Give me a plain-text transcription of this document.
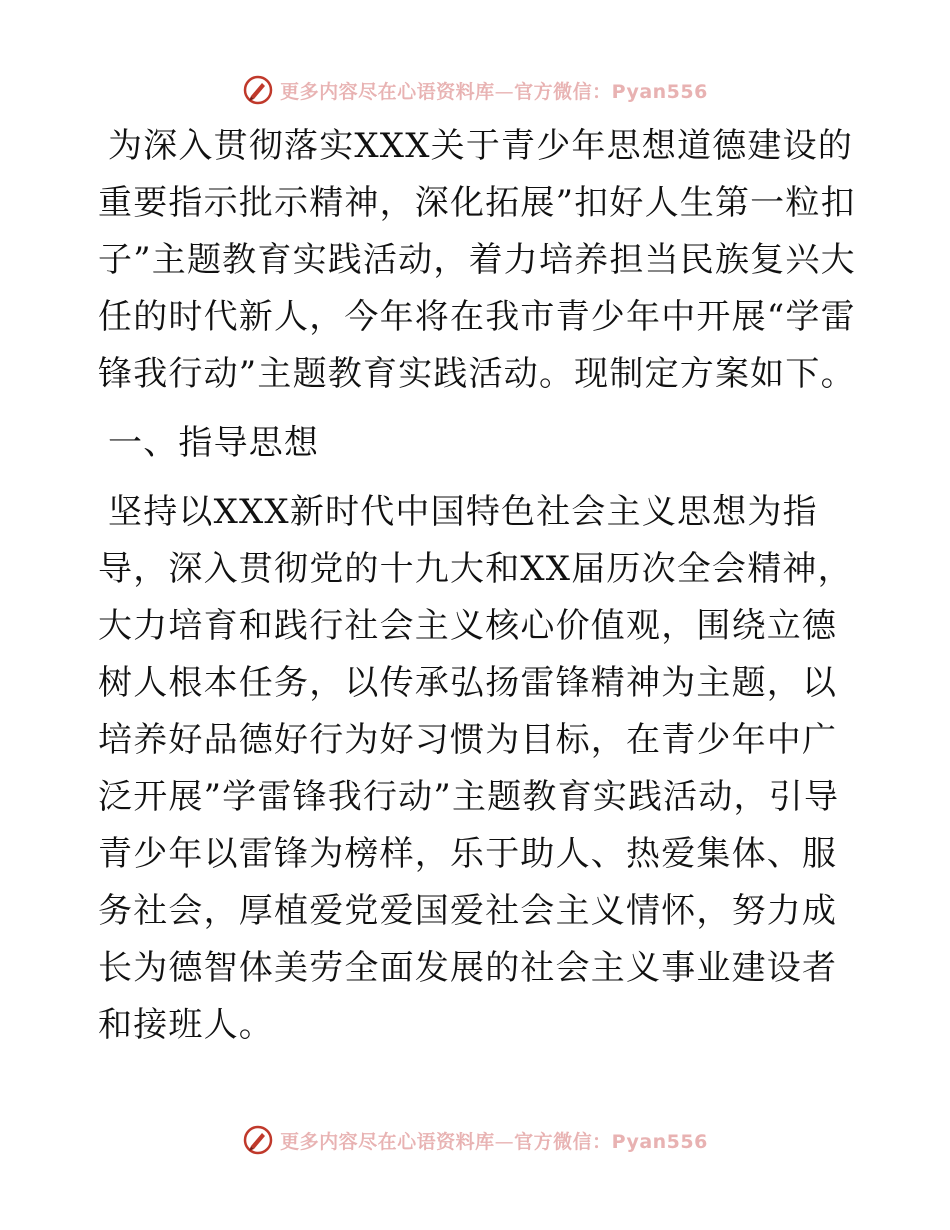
更多内容尽在心语资料库—官方微信：Pyan556

为深入贯彻落实XXX关于青少年思想道德建设的重要指示批示精神，深化拓展”扣好人生第一粒扣子”主题教育实践活动，着力培养担当民族复兴大任的时代新人，今年将在我市青少年中开展“学雷锋我行动”主题教育实践活动。现制定方案如下。

一、指导思想

坚持以XXX新时代中国特色社会主义思想为指导，深入贯彻党的十九大和XX届历次全会精神，大力培育和践行社会主义核心价值观，围绕立德树人根本任务，以传承弘扬雷锋精神为主题，以培养好品德好行为好习惯为目标，在青少年中广泛开展”学雷锋我行动”主题教育实践活动，引导青少年以雷锋为榜样，乐于助人、热爱集体、服务社会，厚植爱党爱国爱社会主义情怀，努力成长为德智体美劳全面发展的社会主义事业建设者和接班人。

更多内容尽在心语资料库—官方微信：Pyan556
